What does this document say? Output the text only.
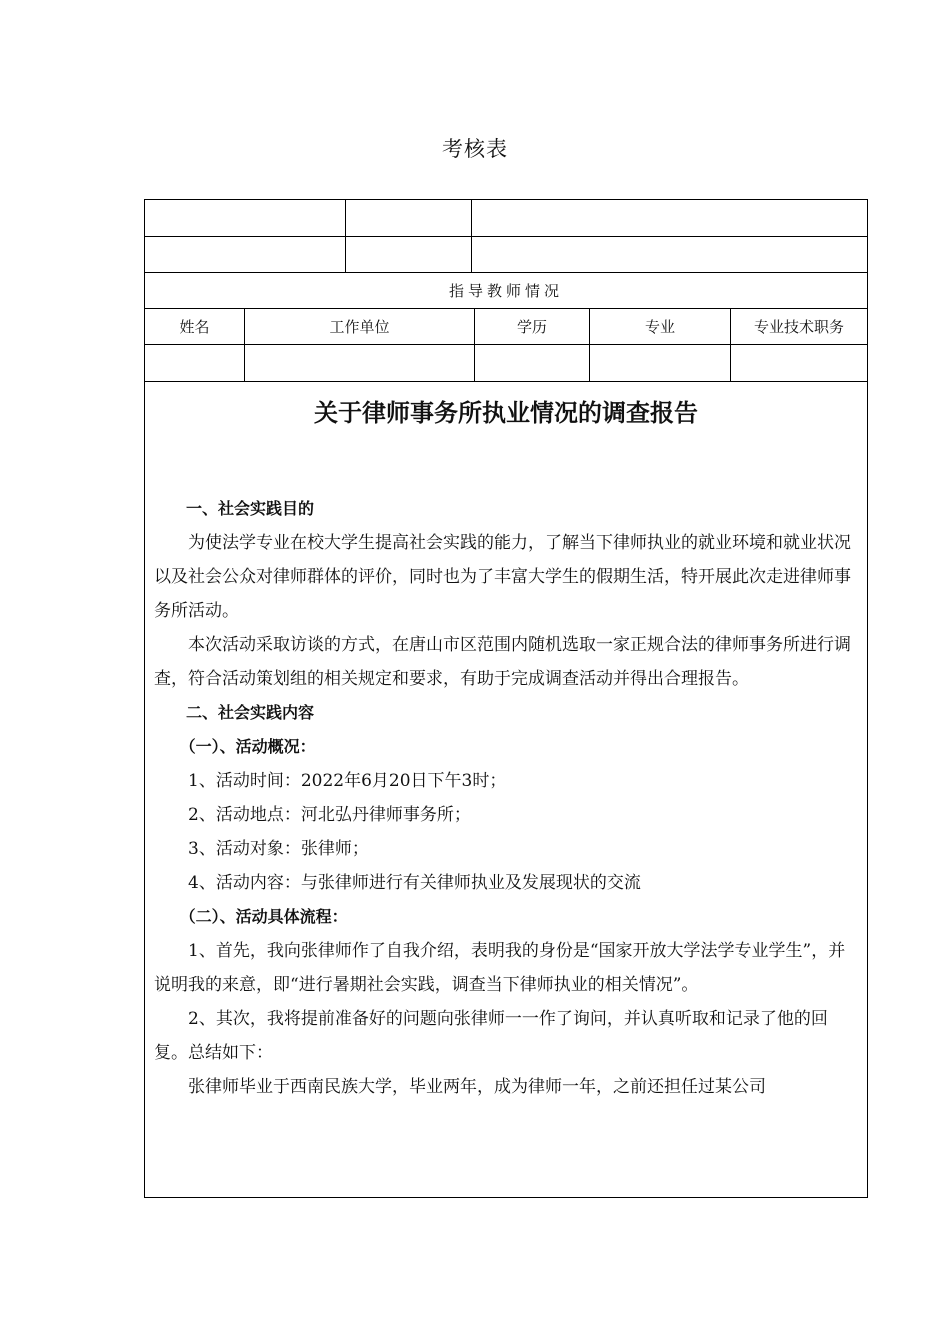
考核表
指导教师情况
姓名	工作单位	学历	专业	专业技术职务
关于律师事务所执业情况的调查报告

一、社会实践目的

为使法学专业在校大学生提高社会实践的能力，了解当下律师执业的就业环境和就业状况以及社会公众对律师群体的评价，同时也为了丰富大学生的假期生活，特开展此次走进律师事务所活动。

本次活动采取访谈的方式，在唐山市区范围内随机选取一家正规合法的律师事务所进行调查，符合活动策划组的相关规定和要求，有助于完成调查活动并得出合理报告。

二、社会实践内容

（一）、活动概况：

1、活动时间：2022年6月20日下午3时；

2、活动地点：河北弘丹律师事务所；

3、活动对象：张律师；

4、活动内容：与张律师进行有关律师执业及发展现状的交流

（二）、活动具体流程：

1、首先，我向张律师作了自我介绍，表明我的身份是“国家开放大学法学专业学生”，并说明我的来意，即“进行暑期社会实践，调查当下律师执业的相关情况”。

2、其次，我将提前准备好的问题向张律师一一作了询问，并认真听取和记录了他的回复。总结如下：

张律师毕业于西南民族大学，毕业两年，成为律师一年，之前还担任过某公司
